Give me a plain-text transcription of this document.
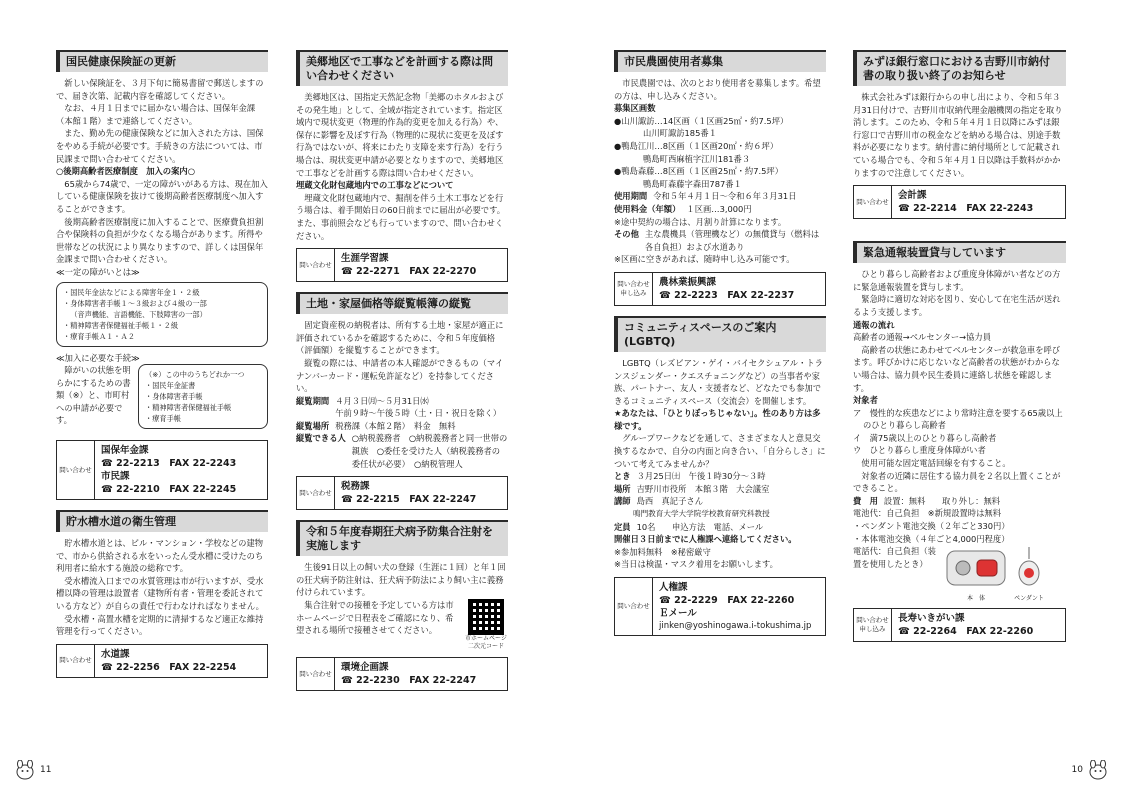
国民健康保険証の更新

新しい保険証を、３月下旬に簡易書留で郵送しますので、届き次第、記載内容を確認してください。

なお、４月１日までに届かない場合は、国保年金課（本館１階）まで連絡してください。

また、勤め先の健康保険などに加入された方は、国保をやめる手続が必要です。手続きの方法については、市民課まで問い合わせてください。

○後期高齢者医療制度　加入の案内○

65歳から74歳で、一定の障がいがある方は、現在加入している健康保険を抜けて後期高齢者医療制度へ加入することができます。

後期高齢者医療制度に加入することで、医療費負担割合や保険料の負担が少なくなる場合があります。所得や世帯などの状況により異なりますので、詳しくは国保年金課まで問い合わせください。

≪一定の障がいとは≫

・国民年金法などによる障害年金１・２級
・身体障害者手帳１～３級および４級の一部
（音声機能、言語機能、下肢障害の一部）
・精神障害者保健福祉手帳１・２級
・療育手帳Ａ１・Ａ２

≪加入に必要な手続≫

障がいの状態を明らかにするための書類（※）と、市町村への申請が必要です。

（※）この中のうちどれか一つ
・国民年金証書
・身体障害者手帳
・精神障害者保健福祉手帳
・療育手帳
問い合わせ
国保年金課
☎ 22-2213　FAX 22-2243
市民課
☎ 22-2210　FAX 22-2245
貯水槽水道の衛生管理

貯水槽水道とは、ビル・マンション・学校などの建物で、市から供給される水をいったん受水槽に受けたのち利用者に給水する施設の総称です。

受水槽流入口までの水質管理は市が行いますが、受水槽以降の管理は設置者（建物所有者・管理を委託されている方など）が自らの責任で行わなければなりません。

受水槽・高置水槽を定期的に清掃するなど適正な維持管理を行ってください。

問い合わせ
水道課
☎ 22-2256　FAX 22-2254
美郷地区で工事などを計画する際は問い合わせください

美郷地区は、国指定天然記念物「美郷のホタルおよびその発生地」として、全域が指定されています。指定区域内で現状変更（物理的作為的変更を加える行為）や、保存に影響を及ぼす行為（物理的に現状に変更を及ぼす行為ではないが、将来にわたり支障を来す行為）を行う場合は、現状変更申請が必要となりますので、美郷地区で工事などを計画する際は問い合わせください。

埋蔵文化財包蔵地内での工事などについて

埋蔵文化財包蔵地内で、掘削を伴う土木工事などを行う場合は、着手開始日の60日前までに届出が必要です。また、事前照会なども行っていますので、問い合わせください。

問い合わせ
生涯学習課
☎ 22-2271　FAX 22-2270
土地・家屋価格等縦覧帳簿の縦覧

固定資産税の納税者は、所有する土地・家屋が適正に評価されているかを確認するために、令和５年度価格（評価額）を縦覧することができます。

縦覧の際には、申請者の本人確認ができるもの（マイナンバーカード・運転免許証など）を持参してください。

縦覧期間 ４月３日㈪～５月31日㈬
午前９時～午後５時（土・日・祝日を除く）
縦覧場所 税務課（本館２階）　料金　無料
縦覧できる人 ○納税義務者　○納税義務者と同一世帯の親族　○委任を受けた人（納税義務者の委任状が必要）　○納税管理人
問い合わせ
税務課
☎ 22-2215　FAX 22-2247
令和５年度春期狂犬病予防集合注射を実施します

生後91日以上の飼い犬の登録（生涯に１回）と年１回の狂犬病予防注射は、狂犬病予防法により飼い主に義務付けられています。

集合注射での接種を予定している方は市ホームページで日程表をご確認になり、希望される場所で接種させてください。

市ホームページ二次元コード
問い合わせ
環境企画課
☎ 22-2230　FAX 22-2247
市民農園使用者募集

市民農園では、次のとおり使用者を募集します。希望の方は、申し込みください。

募集区画数

●山川諏訪…14区画（１区画25㎡・約7.5坪）

山川町諏訪185番１

●鴨島江川…8区画（１区画20㎡・約６坪）

鴨島町西麻植字江川181番３

●鴨島森藤…8区画（１区画25㎡・約7.5坪）

鴨島町森藤字森田787番１

使用期間 令和５年４月１日～令和６年３月31日
使用料金（年額） １区画…3,000円

※途中契約の場合は、月割り計算になります。

その他 主な農機具（管理機など）の無償貸与（燃料は各自負担）および水道あり

※区画に空きがあれば、随時申し込み可能です。

問い合わせ 申し込み
農林業振興課
☎ 22-2223　FAX 22-2237
コミュニティスペースのご案内(LGBTQ)

LGBTQ（レズビアン・ゲイ・バイセクシュアル・トランスジェンダー・クエスチョニングなど）の当事者や家族、パートナー、友人・支援者など、どなたでも参加できるコミュニティスペース（交流会）を開催します。

★あなたは、「ひとりぼっちじゃない」。性のあり方は多様です。

グループワークなどを通して、さまざまな人と意見交換するなかで、自分の内面と向き合い、「自分らしさ」について考えてみませんか？

とき ３月25日㈯　午後１時30分～３時
場所 吉野川市役所　本館３階　大会議室
講師 島西　真記子さん

鳴門教育大学大学院学校教育研究科教授

定員 10名　　申込方法　電話、メール

開催日３日前までに人権課へ連絡してください。

※参加料無料　※秘密厳守

※当日は検温・マスク着用をお願いします。

問い合わせ
人権課
☎ 22-2229　FAX 22-2260
Ｅメール
jinken@yoshinogawa.i-tokushima.jp
みずほ銀行窓口における吉野川市納付書の取り扱い終了のお知らせ

株式会社みずほ銀行からの申し出により、令和５年３月31日付けで、吉野川市収納代理金融機関の指定を取り消します。このため、令和５年４月１日以降にみずほ銀行窓口で吉野川市の税金などを納める場合は、別途手数料が必要になります。納付書に納付場所として記載されている場合でも、令和５年４月１日以降は手数料がかかりますので注意してください。

問い合わせ
会計課
☎ 22-2214　FAX 22-2243
緊急通報装置貸与しています

ひとり暮らし高齢者および重度身体障がい者などの方に緊急通報装置を貸与します。

緊急時に適切な対応を図り、安心して在宅生活が送れるよう支援します。

通報の流れ

高齢者の通報→ベルセンター→協力員

高齢者の状態にあわせてベルセンターが救急車を呼びます。呼びかけに応じないなど高齢者の状態がわからない場合は、協力員や民生委員に連絡し状態を確認します。

対象者

ア　慢性的な疾患などにより常時注意を要する65歳以上のひとり暮らし高齢者

イ　満75歳以上のひとり暮らし高齢者

ウ　ひとり暮らし重度身体障がい者

使用可能な固定電話回線を有すること。

対象者の近隣に居住する協力員を２名以上置くことができること。

費　用 設置：無料　　取り外し：無料

電池代：自己負担　※新規設置時は無料

・ペンダント電池交換（２年ごと330円）

・本体電池交換（４年ごと4,000円程度）

電話代：自己負担（装置を使用したとき）

本　体	ペンダント
問い合わせ 申し込み
長寿いきがい課
☎ 22-2264　FAX 22-2260
11	10
